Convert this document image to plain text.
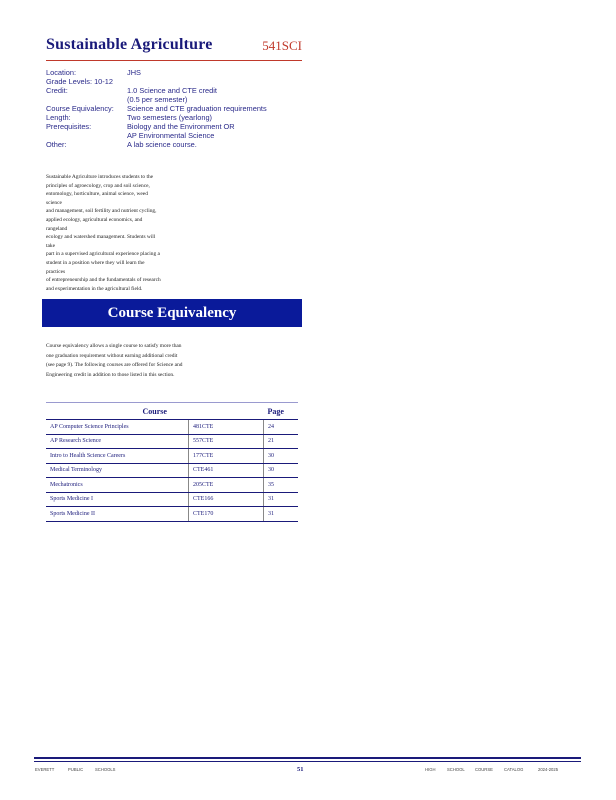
Sustainable Agriculture	541SCI
Location:	JHS
Grade Levels: 10-12
Credit:	1.0 Science and CTE credit
(0.5 per semester)
Course Equivalency:	Science and CTE graduation requirements
Length:	Two semesters (yearlong)
Prerequisites:	Biology and the Environment OR
AP Environmental Science
Other:	A lab science course.
Sustainable Agriculture introduces students to the
principles of agroecology, crop and soil science,
entomology, horticulture, animal science, weed science
and management, soil fertility and nutrient cycling,
applied ecology, agricultural economics, and rangeland
ecology and watershed management. Students will take
part in a supervised agricultural experience placing a
student in a position where they will learn the practices
of entrepreneurship and the fundamentals of research
and experimentation in the agricultural field.
Course Equivalency
Course equivalency allows a single course to satisfy more than
one graduation requirement without earning additional credit
(see page 9). The following courses are offered for Science and
Engineering credit in addition to those listed in this section.
Course		Page
AP Computer Science Principles	481CTE	24
AP Research Science	557CTE	21
Intro to Health Science Careers	177CTE	30
Medical Terminology	CTE461	30
Mechatronics	205CTE	35
Sports Medicine I	CTE166	31
Sports Medicine II	CTE170	31
EVERETT	PUBLIC	SCHOOLS	51	HIGH	SCHOOL COURSE	CATALOG	2024-2025
